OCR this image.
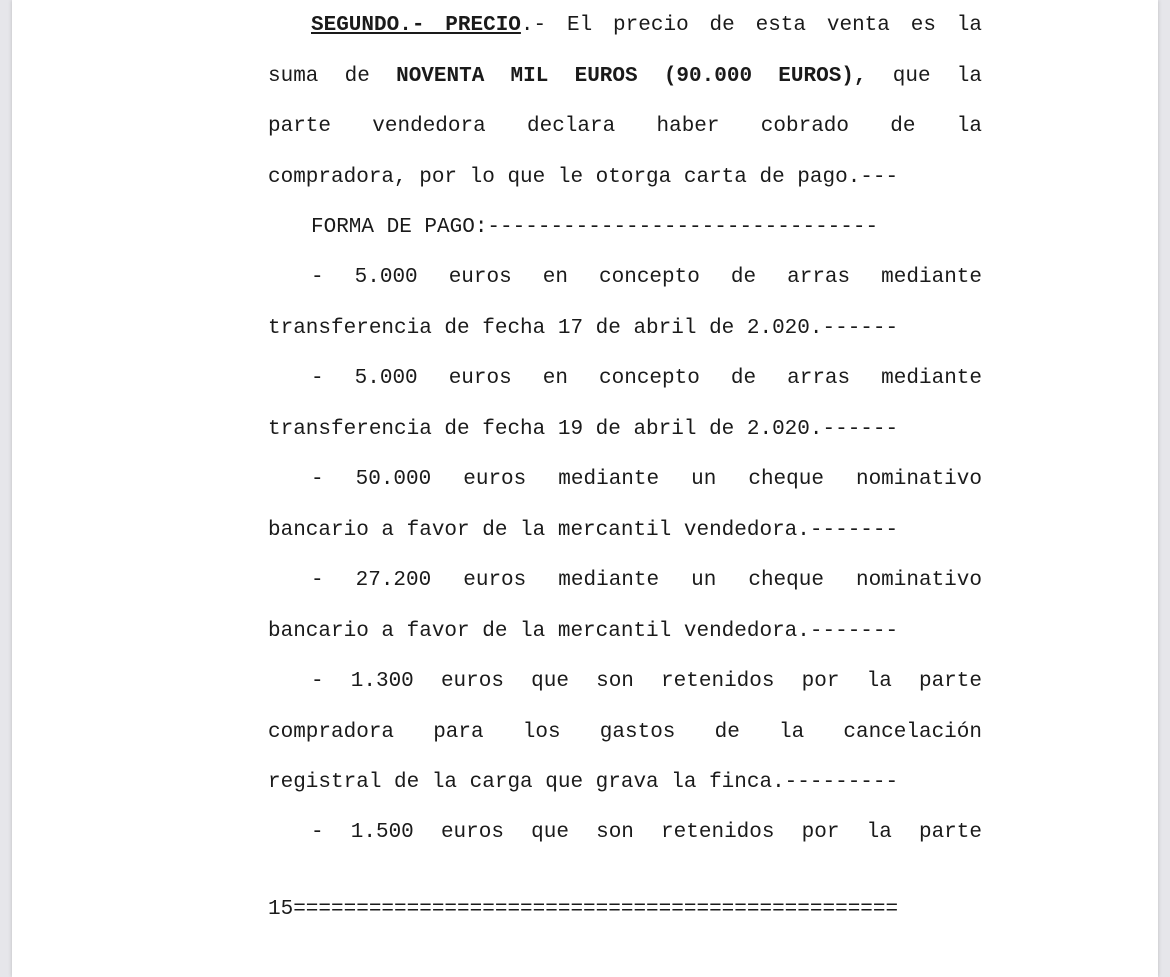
SEGUNDO.- PRECIO.- El precio de esta venta es la
suma de NOVENTA MIL EUROS (90.000 EUROS), que la
parte vendedora declara haber cobrado de la
compradora, por lo que le otorga carta de pago.---
FORMA DE PAGO:-------------------------------
- 5.000 euros en concepto de arras mediante
transferencia de fecha 17 de abril de 2.020.------
- 5.000 euros en concepto de arras mediante
transferencia de fecha 19 de abril de 2.020.------
- 50.000 euros mediante un cheque nominativo
bancario a favor de la mercantil vendedora.-------
- 27.200 euros mediante un cheque nominativo
bancario a favor de la mercantil vendedora.-------
- 1.300 euros que son retenidos por la parte
compradora para los gastos de la cancelación
registral de la carga que grava la finca.---------
- 1.500 euros que son retenidos por la parte
15================================================
